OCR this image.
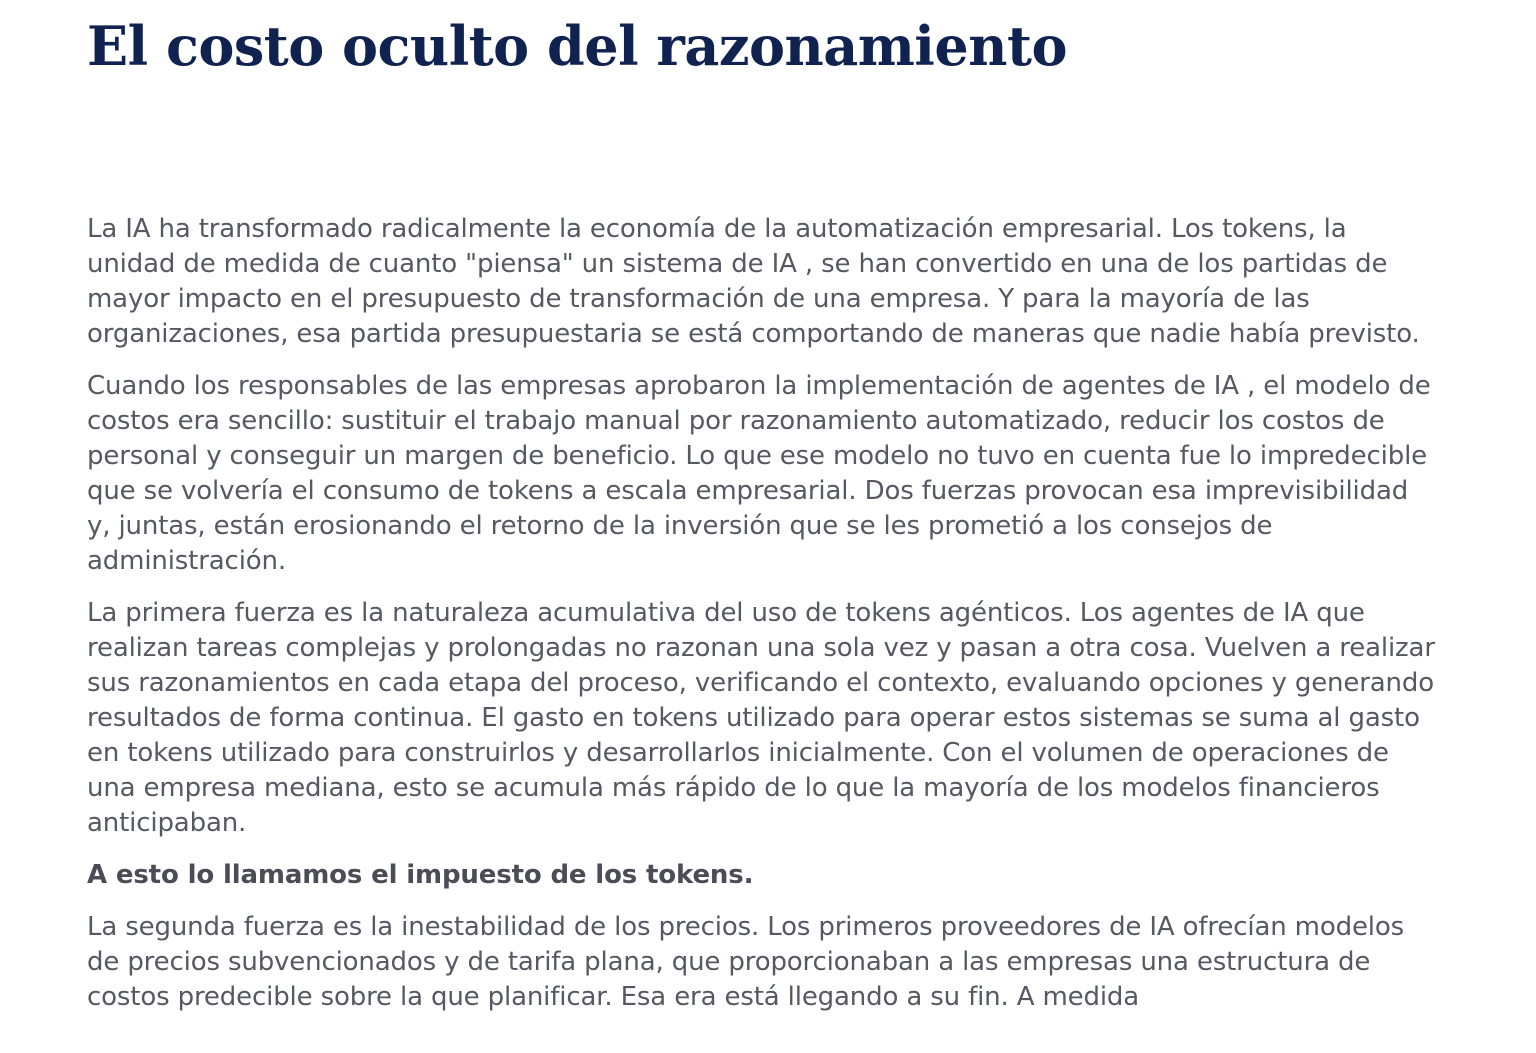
El costo oculto del razonamiento

La IA ha transformado radicalmente la economía de la automatización empresarial. Los tokens, la unidad de medida de cuanto "piensa" un sistema de IA , se han convertido en una de los partidas de mayor impacto en el presupuesto de transformación de una empresa. Y para la mayoría de las organizaciones, esa partida presupuestaria se está comportando de maneras que nadie había previsto.

Cuando los responsables de las empresas aprobaron la implementación de agentes de IA , el modelo de costos era sencillo: sustituir el trabajo manual por razonamiento automatizado, reducir los costos de personal y conseguir un margen de beneficio. Lo que ese modelo no tuvo en cuenta fue lo impredecible que se volvería el consumo de tokens a escala empresarial. Dos fuerzas provocan esa imprevisibilidad y, juntas, están erosionando el retorno de la inversión que se les prometió a los consejos de administración.

La primera fuerza es la naturaleza acumulativa del uso de tokens agénticos. Los agentes de IA que realizan tareas complejas y prolongadas no razonan una sola vez y pasan a otra cosa. Vuelven a realizar sus razonamientos en cada etapa del proceso, verificando el contexto, evaluando opciones y generando resultados de forma continua. El gasto en tokens utilizado para operar estos sistemas se suma al gasto en tokens utilizado para construirlos y desarrollarlos inicialmente. Con el volumen de operaciones de una empresa mediana, esto se acumula más rápido de lo que la mayoría de los modelos financieros anticipaban.

A esto lo llamamos el impuesto de los tokens.

La segunda fuerza es la inestabilidad de los precios. Los primeros proveedores de IA ofrecían modelos de precios subvencionados y de tarifa plana, que proporcionaban a las empresas una estructura de costos predecible sobre la que planificar. Esa era está llegando a su fin. A medida
